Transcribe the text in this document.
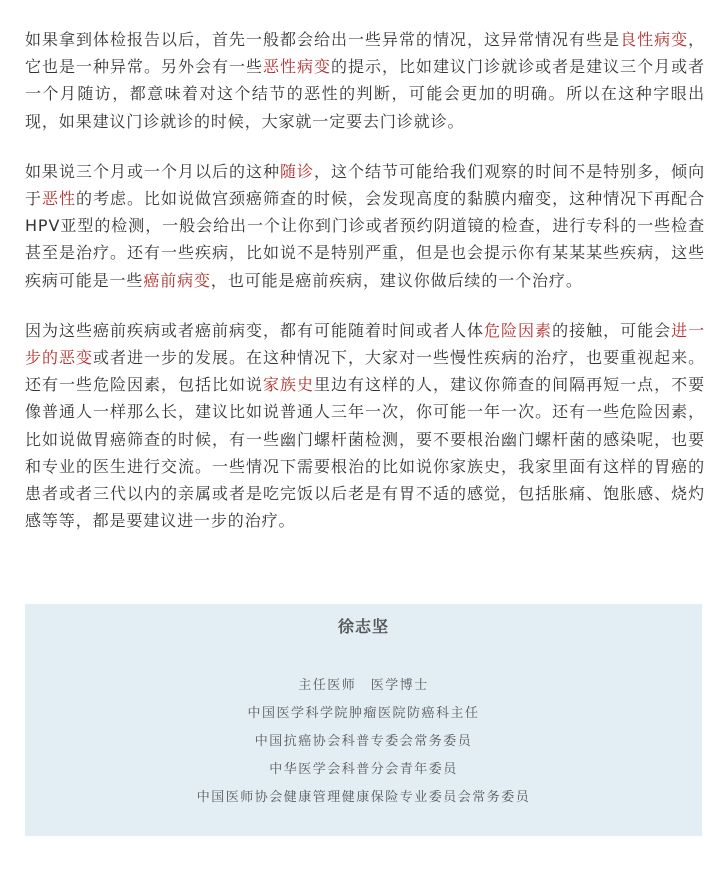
如果拿到体检报告以后，首先一般都会给出一些异常的情况，这异常情况有些是良性病变，它也是一种异常。另外会有一些恶性病变的提示，比如建议门诊就诊或者是建议三个月或者一个月随访，都意味着对这个结节的恶性的判断，可能会更加的明确。所以在这种字眼出现，如果建议门诊就诊的时候，大家就一定要去门诊就诊。

如果说三个月或一个月以后的这种随诊，这个结节可能给我们观察的时间不是特别多，倾向于恶性的考虑。比如说做宫颈癌筛查的时候，会发现高度的黏膜内瘤变，这种情况下再配合HPV亚型的检测，一般会给出一个让你到门诊或者预约阴道镜的检查，进行专科的一些检查甚至是治疗。还有一些疾病，比如说不是特别严重，但是也会提示你有某某某些疾病，这些疾病可能是一些癌前病变，也可能是癌前疾病，建议你做后续的一个治疗。

因为这些癌前疾病或者癌前病变，都有可能随着时间或者人体危险因素的接触，可能会进一步的恶变或者进一步的发展。在这种情况下，大家对一些慢性疾病的治疗，也要重视起来。还有一些危险因素，包括比如说家族史里边有这样的人，建议你筛查的间隔再短一点，不要像普通人一样那么长，建议比如说普通人三年一次，你可能一年一次。还有一些危险因素，比如说做胃癌筛查的时候，有一些幽门螺杆菌检测，要不要根治幽门螺杆菌的感染呢，也要和专业的医生进行交流。一些情况下需要根治的比如说你家族史，我家里面有这样的胃癌的患者或者三代以内的亲属或者是吃完饭以后老是有胃不适的感觉，包括胀痛、饱胀感、烧灼感等等，都是要建议进一步的治疗。

徐志坚
主任医师　医学博士
中国医学科学院肿瘤医院防癌科主任
中国抗癌协会科普专委会常务委员
中华医学会科普分会青年委员
中国医师协会健康管理健康保险专业委员会常务委员
